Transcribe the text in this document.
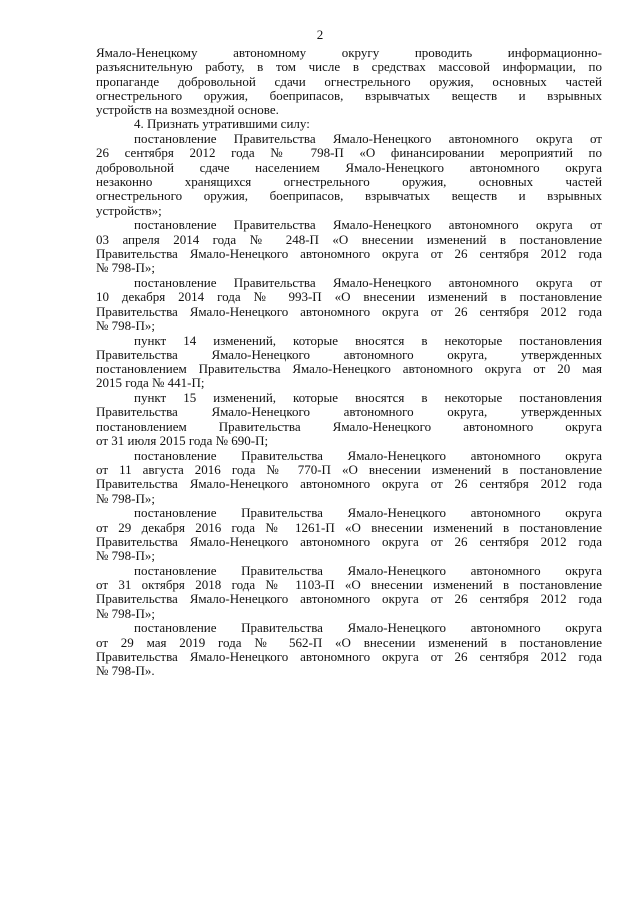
2
Ямало-Ненецкому автономному округу проводить информационно-
разъяснительную работу, в том числе в средствах массовой информации, по
пропаганде добровольной сдачи огнестрельного оружия, основных частей
огнестрельного оружия, боеприпасов, взрывчатых веществ и взрывных
устройств на возмездной основе.
4. Признать утратившими силу:
постановление Правительства Ямало-Ненецкого автономного округа от
26 сентября 2012 года № 798-П «О финансировании мероприятий по
добровольной сдаче населением Ямало-Ненецкого автономного округа
незаконно хранящихся огнестрельного оружия, основных частей
огнестрельного оружия, боеприпасов, взрывчатых веществ и взрывных
устройств»;
постановление Правительства Ямало-Ненецкого автономного округа от
03 апреля 2014 года № 248-П «О внесении изменений в постановление
Правительства Ямало-Ненецкого автономного округа от 26 сентября 2012 года
№ 798-П»;
постановление Правительства Ямало-Ненецкого автономного округа от
10 декабря 2014 года № 993-П «О внесении изменений в постановление
Правительства Ямало-Ненецкого автономного округа от 26 сентября 2012 года
№ 798-П»;
пункт 14 изменений, которые вносятся в некоторые постановления
Правительства Ямало-Ненецкого автономного округа, утвержденных
постановлением Правительства Ямало-Ненецкого автономного округа от 20 мая
2015 года № 441-П;
пункт 15 изменений, которые вносятся в некоторые постановления
Правительства Ямало-Ненецкого автономного округа, утвержденных
постановлением Правительства Ямало-Ненецкого автономного округа
от 31 июля 2015 года № 690-П;
постановление Правительства Ямало-Ненецкого автономного округа
от 11 августа 2016 года № 770-П «О внесении изменений в постановление
Правительства Ямало-Ненецкого автономного округа от 26 сентября 2012 года
№ 798-П»;
постановление Правительства Ямало-Ненецкого автономного округа
от 29 декабря 2016 года № 1261-П «О внесении изменений в постановление
Правительства Ямало-Ненецкого автономного округа от 26 сентября 2012 года
№ 798-П»;
постановление Правительства Ямало-Ненецкого автономного округа
от 31 октября 2018 года № 1103-П «О внесении изменений в постановление
Правительства Ямало-Ненецкого автономного округа от 26 сентября 2012 года
№ 798-П»;
постановление Правительства Ямало-Ненецкого автономного округа
от 29 мая 2019 года № 562-П «О внесении изменений в постановление
Правительства Ямало-Ненецкого автономного округа от 26 сентября 2012 года
№ 798-П».
